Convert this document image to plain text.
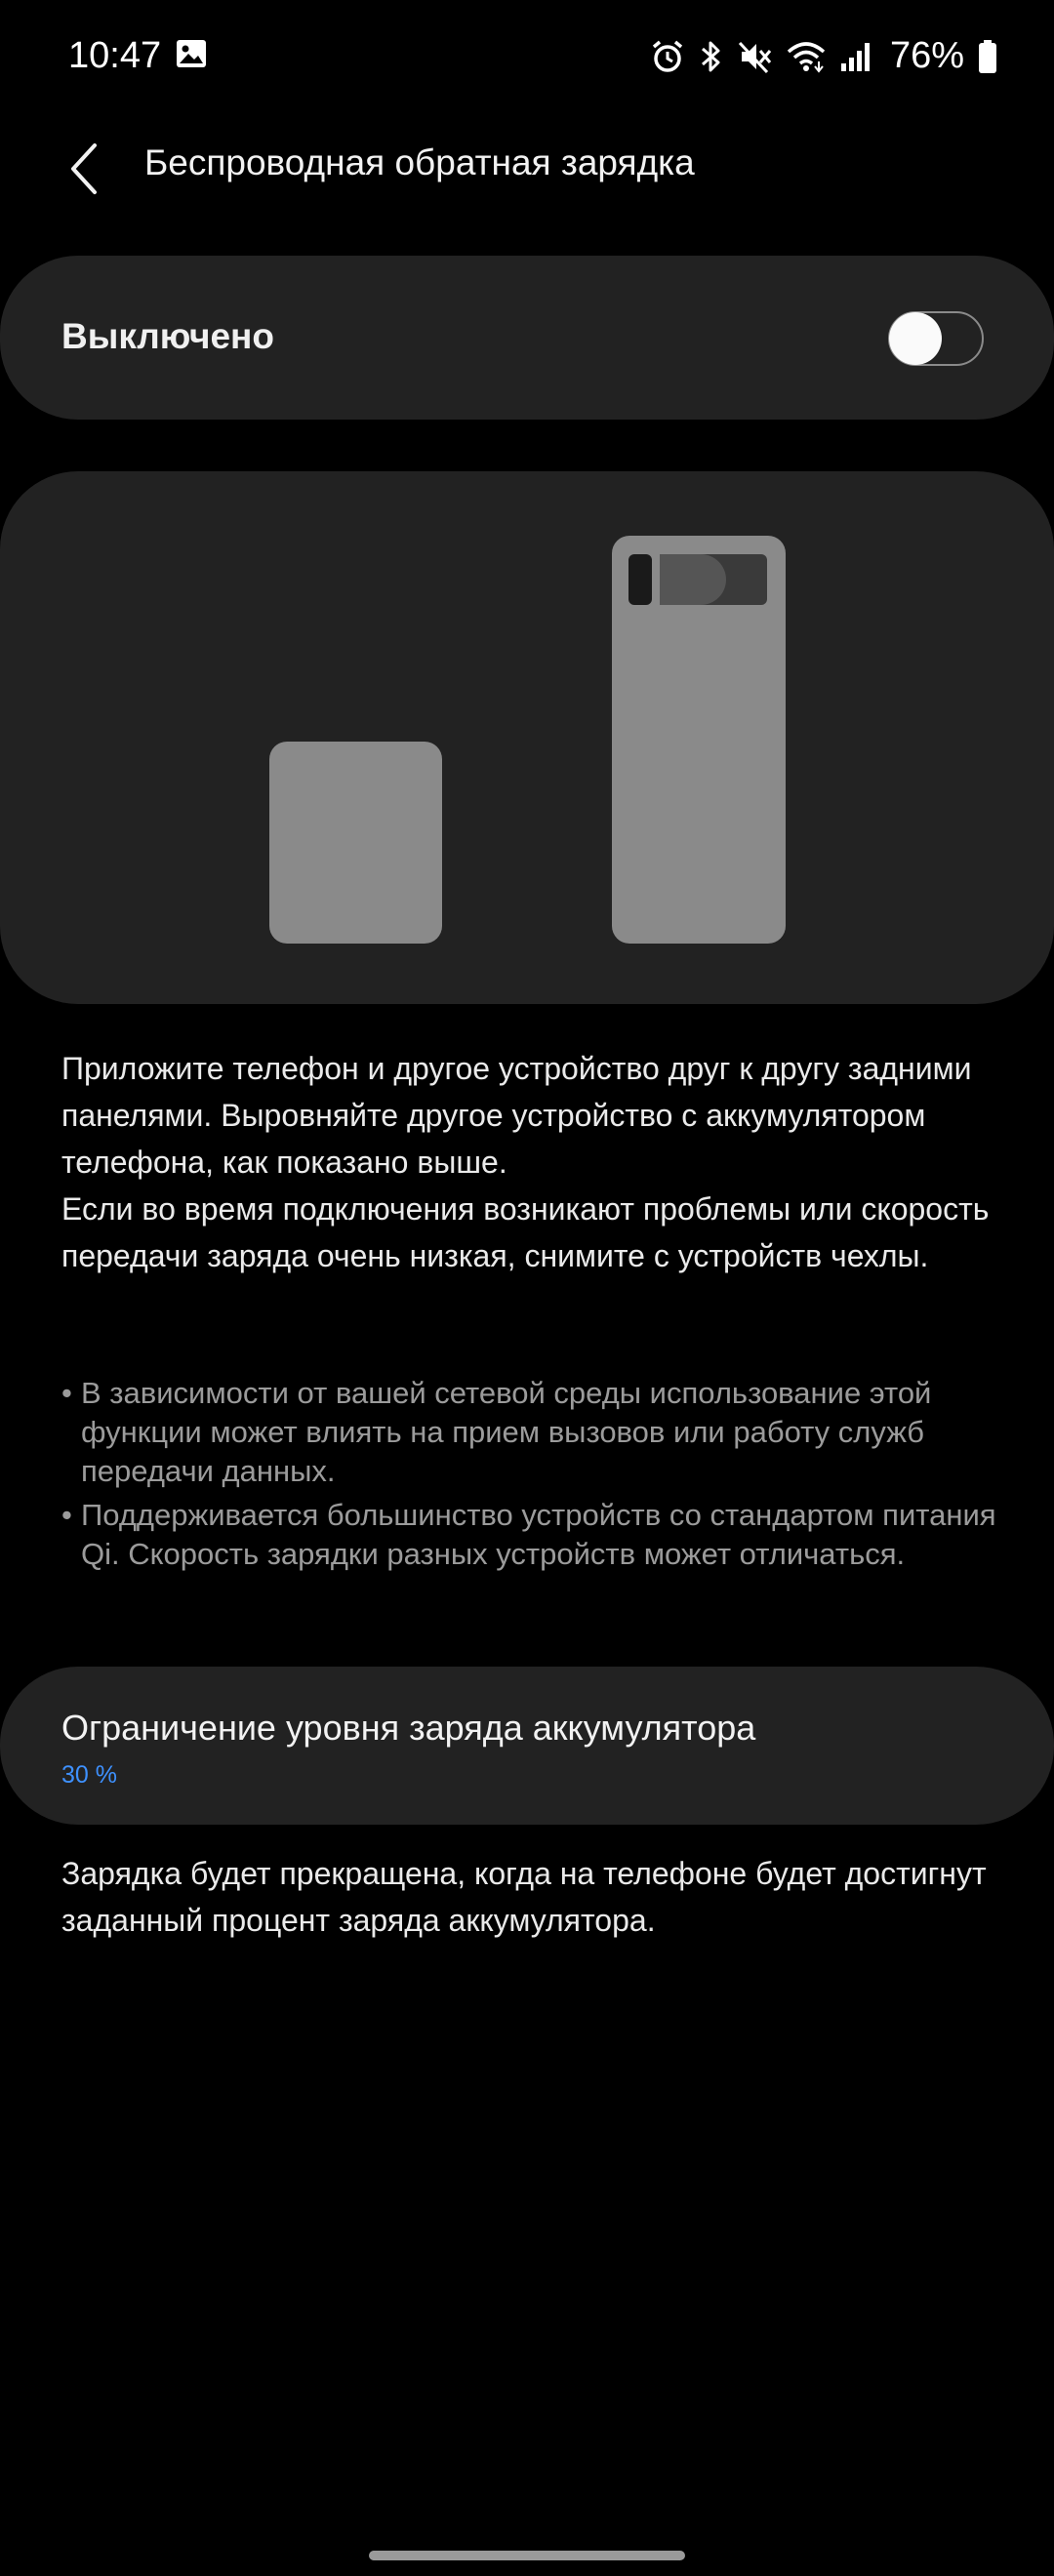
10:47	76%
Беспроводная обратная зарядка
Выключено

Приложите телефон и другое устройство друг к другу задними панелями. Выровняйте другое устройство с аккумулятором телефона, как показано выше.

Если во время подключения возникают проблемы или скорость передачи заряда очень низкая, снимите с устройств чехлы.

• В зависимости от вашей сетевой среды использование этой функции может влиять на прием вызовов или работу служб передачи данных.
• Поддерживается большинство устройств со стандартом питания Qi. Скорость зарядки разных устройств может отличаться.
Ограничение уровня заряда аккумулятора
30 %
Зарядка будет прекращена, когда на телефоне будет достигнут заданный процент заряда аккумулятора.
